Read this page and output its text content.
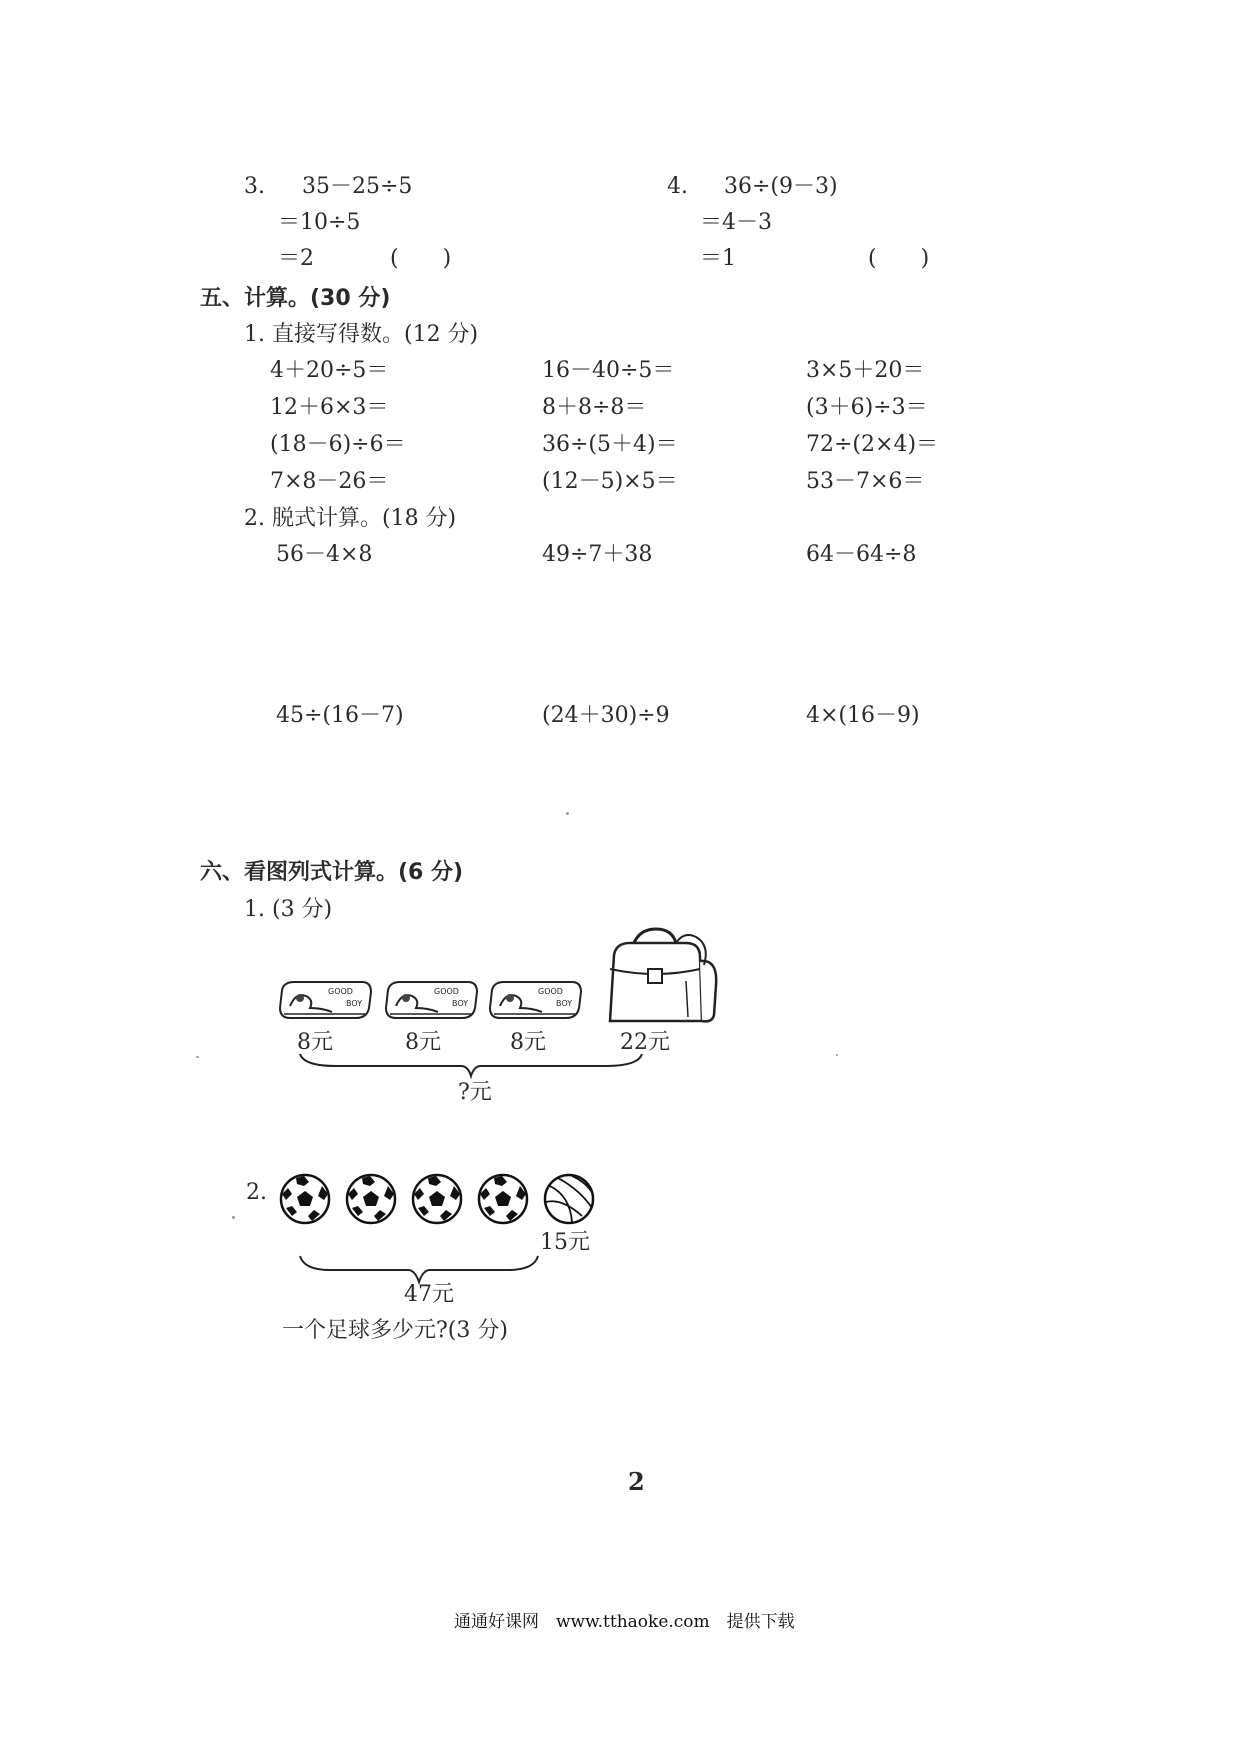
3. 35－25÷5
＝10÷5
＝2	(　　)
4. 36÷(9－3)
＝4－3
＝1	(　　)
五、计算。(30 分)
1. 直接写得数。(12 分)
4＋20÷5＝	16－40÷5＝	3×5＋20＝
12＋6×3＝	8＋8÷8＝	(3＋6)÷3＝
(18－6)÷6＝	36÷(5＋4)＝	72÷(2×4)＝
7×8－26＝	(12－5)×5＝	53－7×6＝
2. 脱式计算。(18 分)
56－4×8	49÷7＋38	64－64÷8
45÷(16－7)	(24＋30)÷9	4×(16－9)
六、看图列式计算。(6 分)
1. (3 分)
GOOD
BOY
GOOD
BOY
GOOD
BOY
8元	8元	8元	22元
?元
2.
15元
47元
一个足球多少元?(3 分)
2
通通好课网　www.tthaoke.com　提供下载
